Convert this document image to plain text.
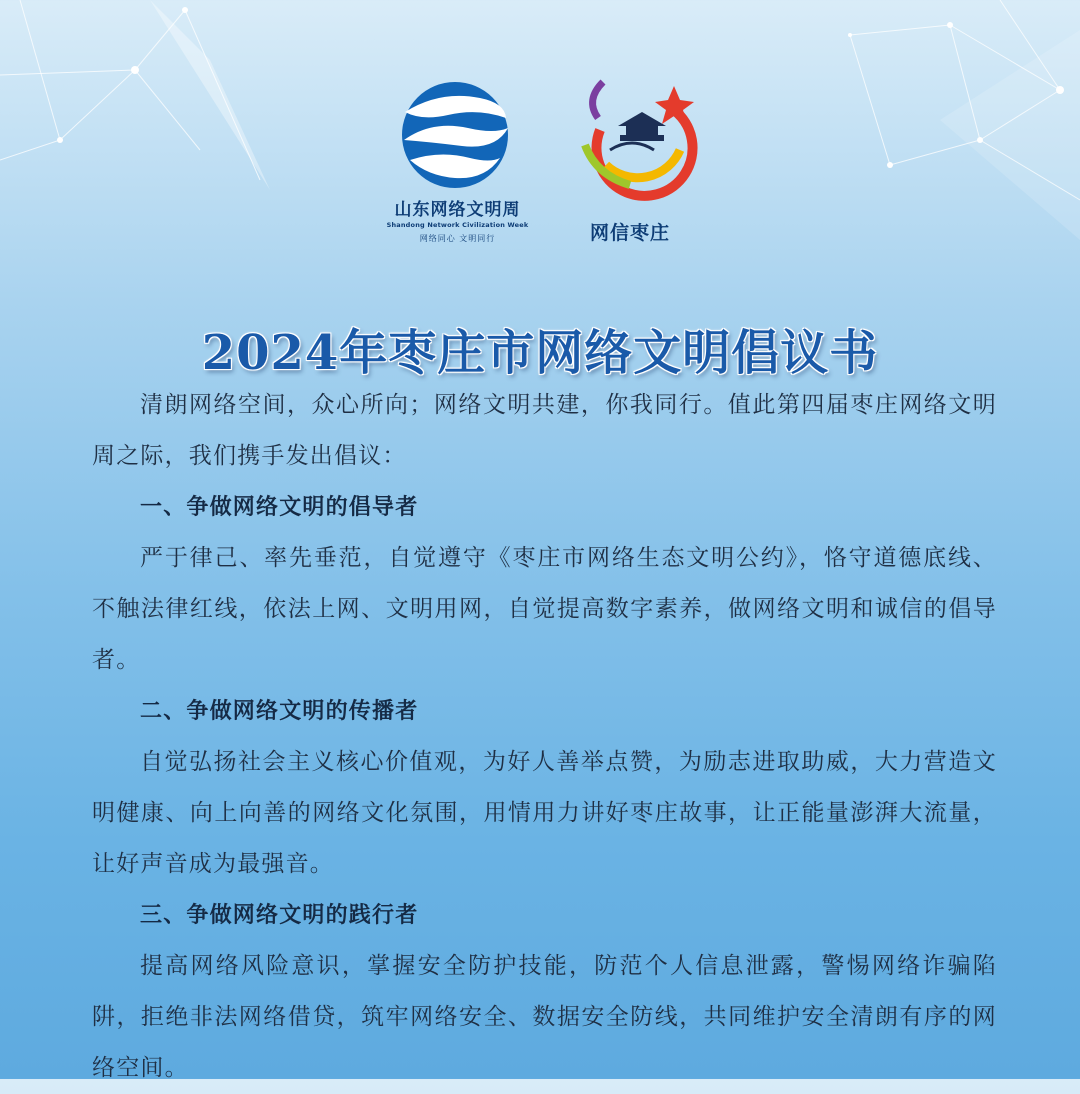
山东网络文明周
Shandong Network Civilization Week
网络同心 文明同行	网信枣庄
2024年枣庄市网络文明倡议书

清朗网络空间，众心所向；网络文明共建，你我同行。值此第四届枣庄网络文明周之际，我们携手发出倡议：

一、争做网络文明的倡导者

严于律己、率先垂范，自觉遵守《枣庄市网络生态文明公约》，恪守道德底线、不触法律红线，依法上网、文明用网，自觉提高数字素养，做网络文明和诚信的倡导者。

二、争做网络文明的传播者

自觉弘扬社会主义核心价值观，为好人善举点赞，为励志进取助威，大力营造文明健康、向上向善的网络文化氛围，用情用力讲好枣庄故事，让正能量澎湃大流量，让好声音成为最强音。

三、争做网络文明的践行者

提高网络风险意识，掌握安全防护技能，防范个人信息泄露，警惕网络诈骗陷阱，拒绝非法网络借贷，筑牢网络安全、数据安全防线，共同维护安全清朗有序的网络空间。
